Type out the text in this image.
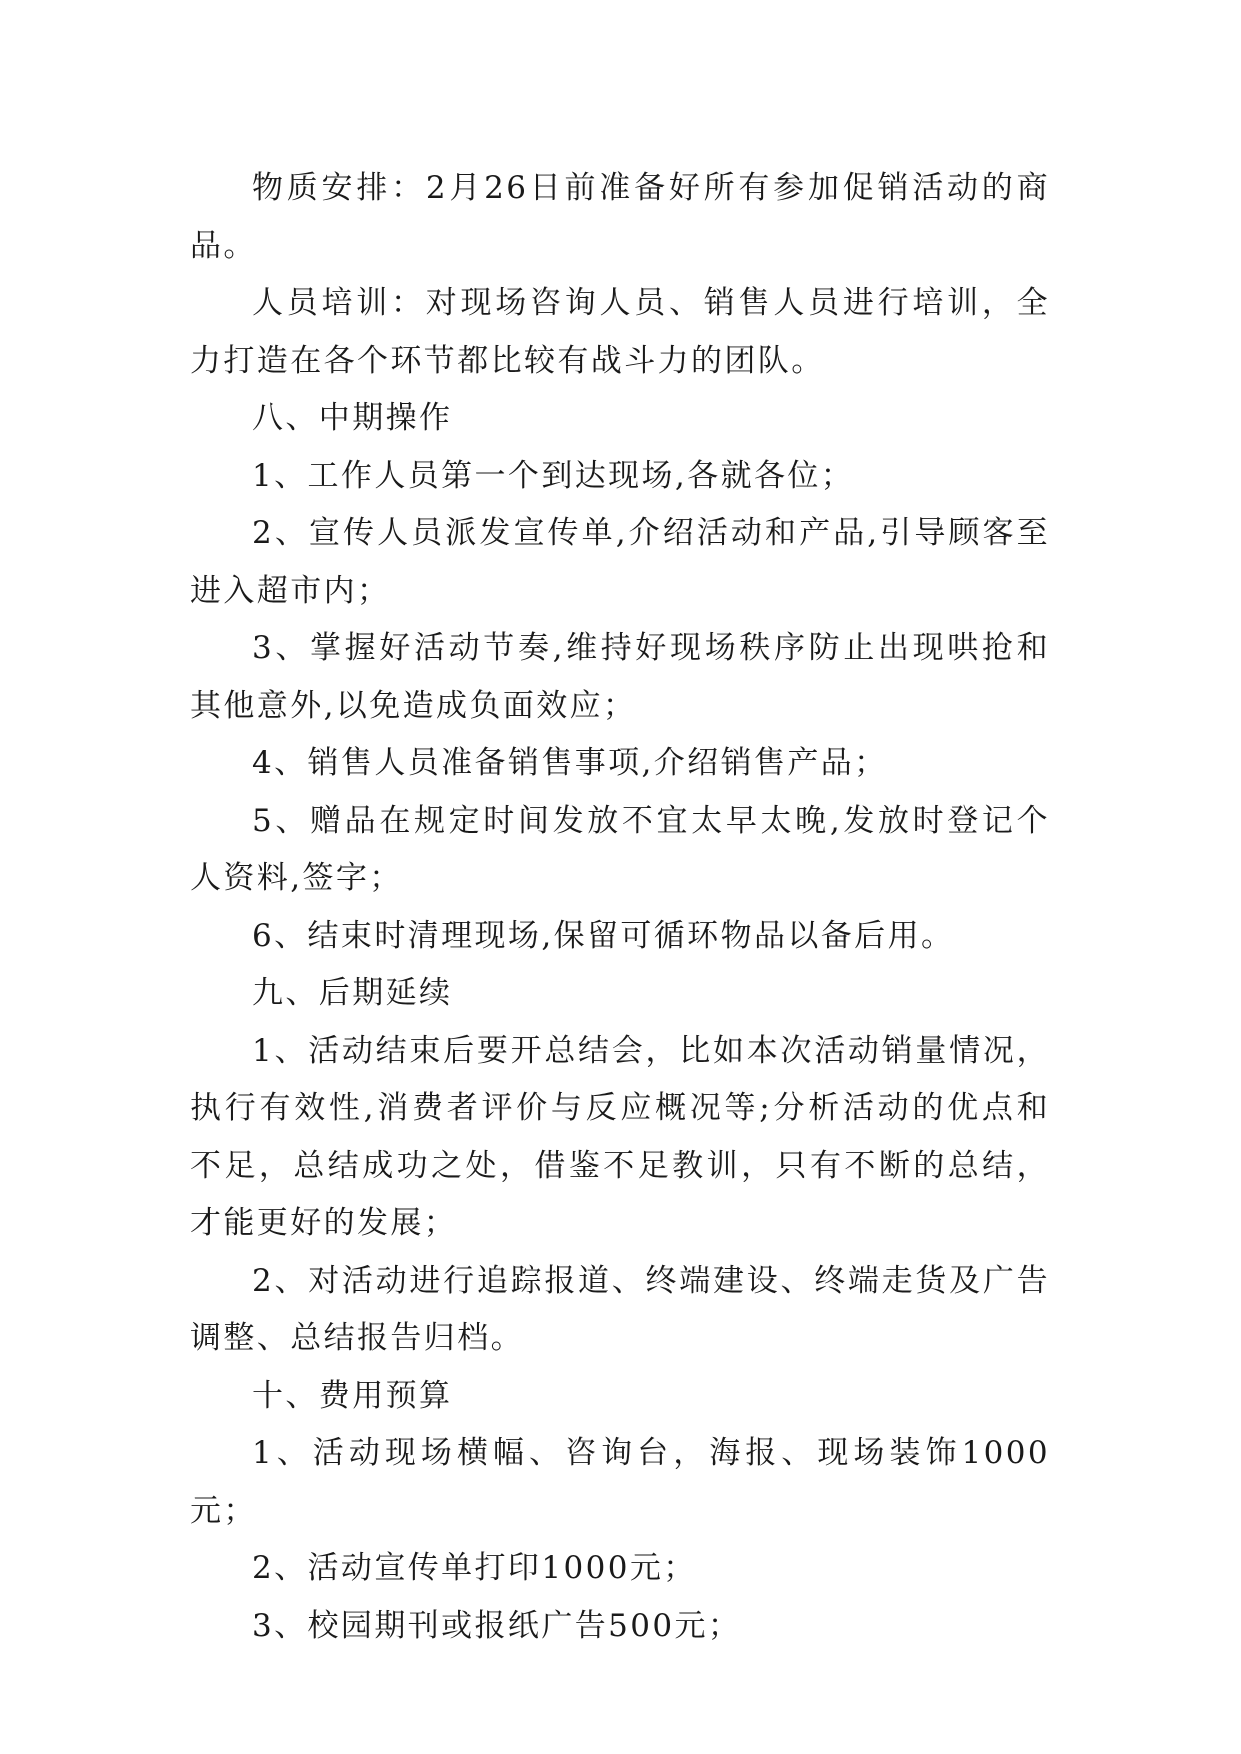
物质安排：2月26日前准备好所有参加促销活动的商品。

人员培训：对现场咨询人员、销售人员进行培训，全力打造在各个环节都比较有战斗力的团队。

八、中期操作

1、工作人员第一个到达现场,各就各位；

2、宣传人员派发宣传单,介绍活动和产品,引导顾客至进入超市内；

3、掌握好活动节奏,维持好现场秩序防止出现哄抢和其他意外,以免造成负面效应；

4、销售人员准备销售事项,介绍销售产品；

5、赠品在规定时间发放不宜太早太晚,发放时登记个人资料,签字；

6、结束时清理现场,保留可循环物品以备后用。

九、后期延续

1、活动结束后要开总结会，比如本次活动销量情况，执行有效性,消费者评价与反应概况等;分析活动的优点和不足，总结成功之处，借鉴不足教训，只有不断的总结，才能更好的发展；

2、对活动进行追踪报道、终端建设、终端走货及广告调整、总结报告归档。

十、费用预算

1、活动现场横幅、咨询台，海报、现场装饰1000元；

2、活动宣传单打印1000元；

3、校园期刊或报纸广告500元；
